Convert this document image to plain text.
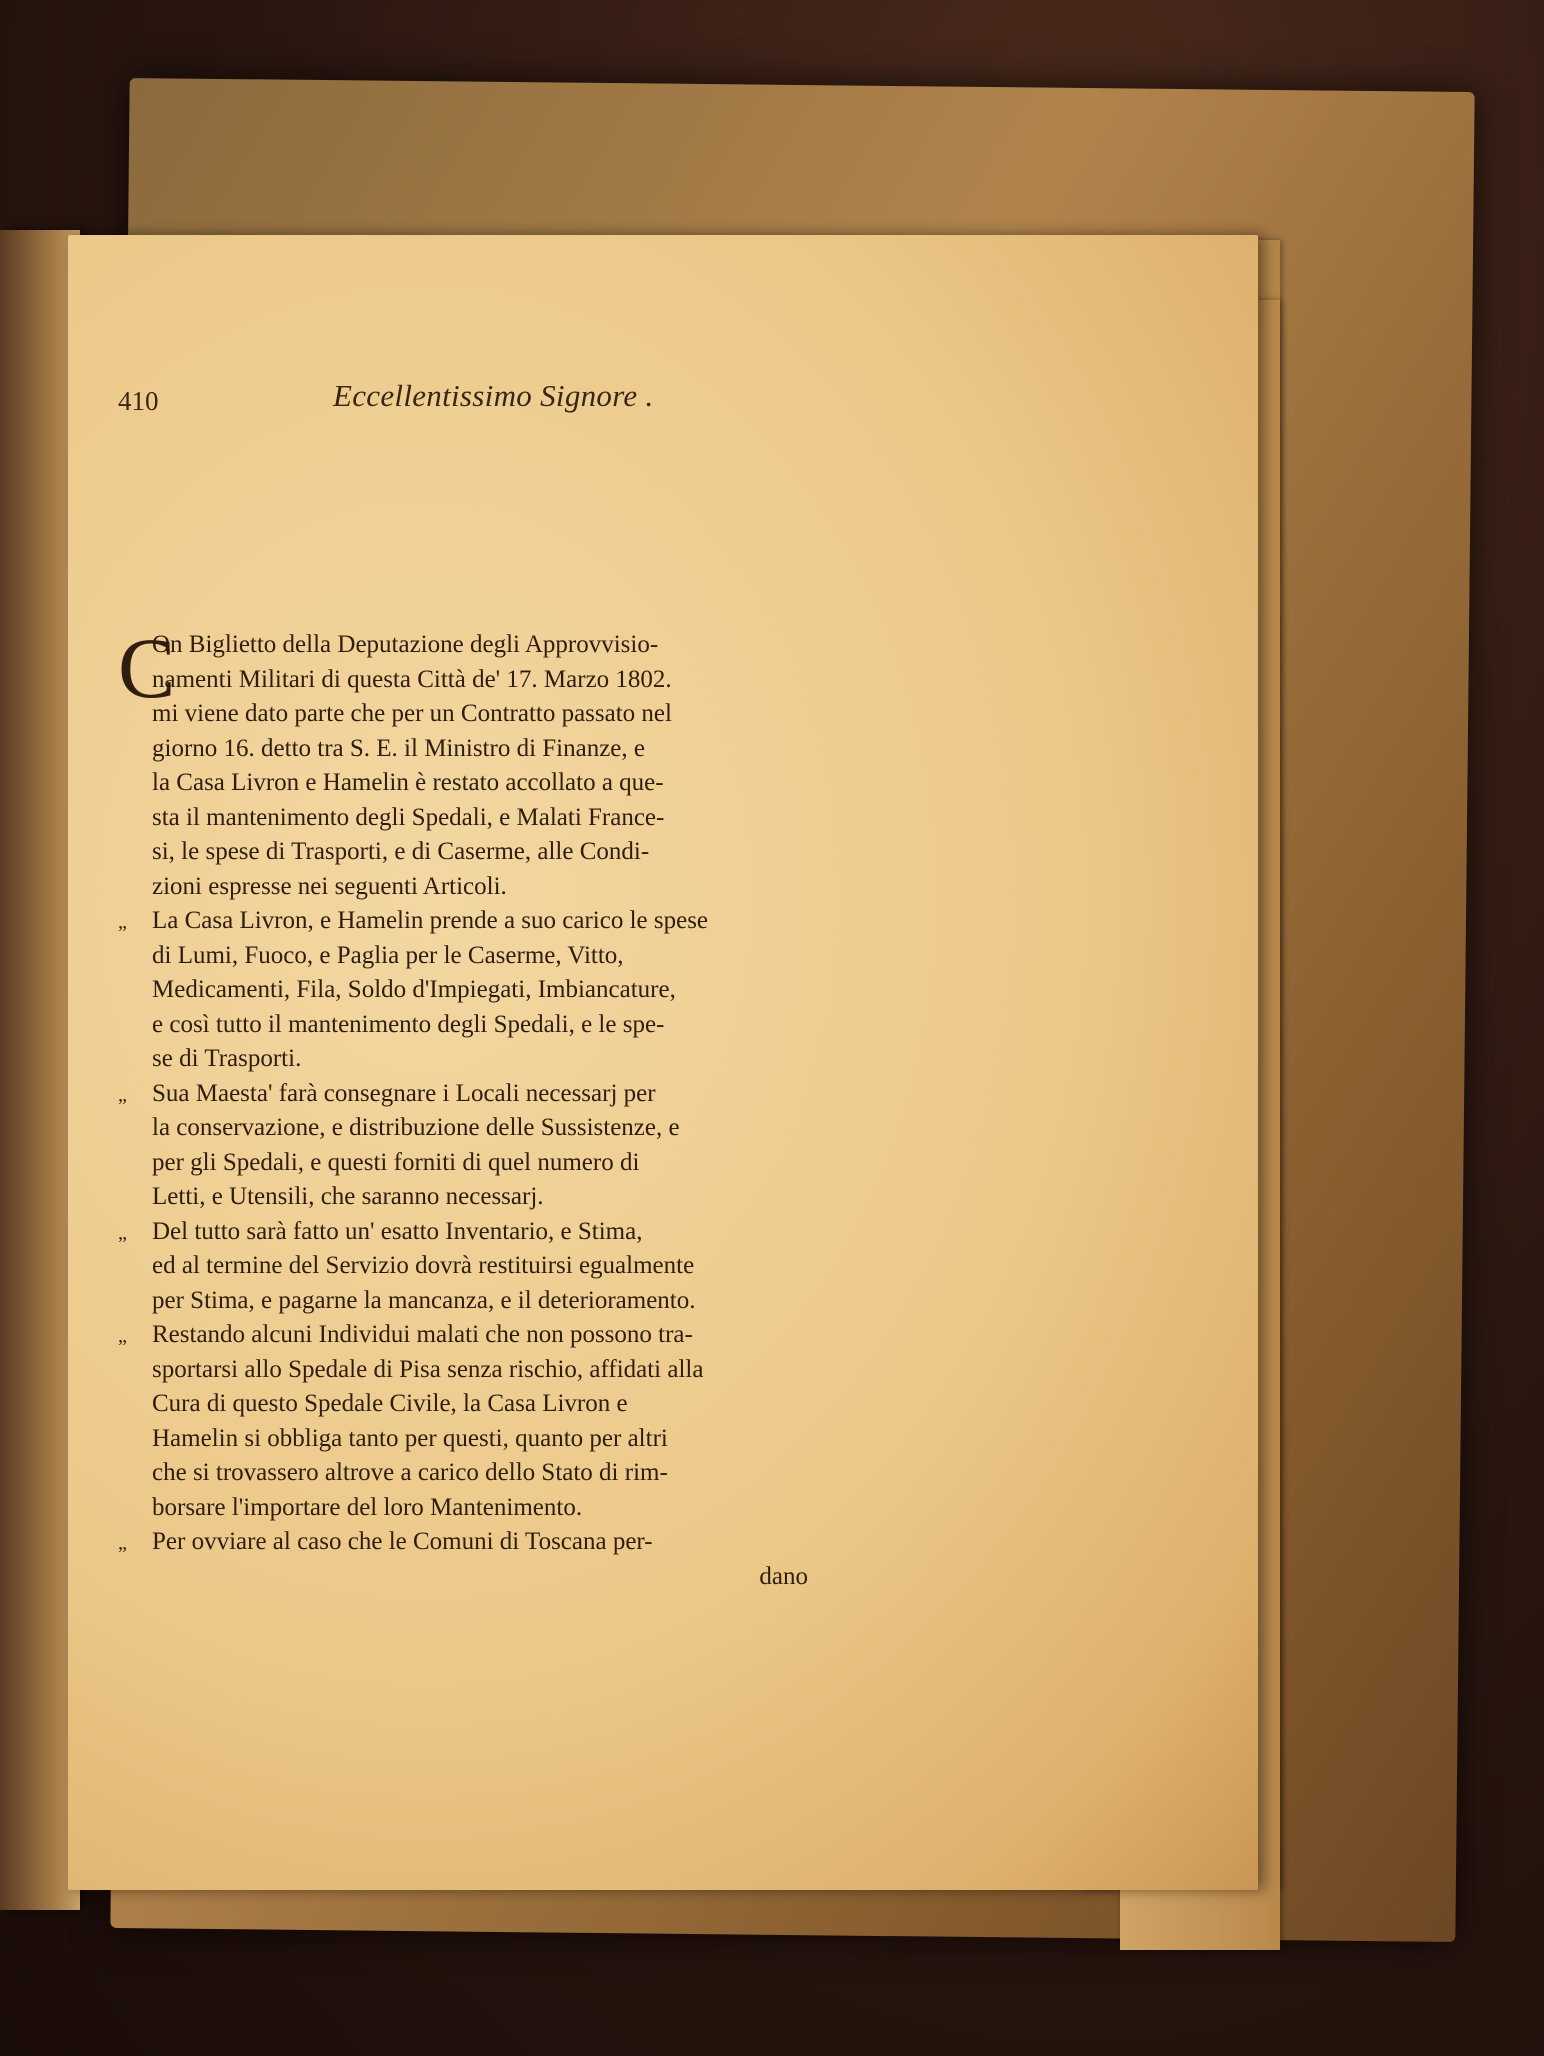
410	Eccellentissimo Signore .
C
On Biglietto della Deputazione degli Approvvisio-
namenti Militari di questa Città de' 17. Marzo 1802.
mi viene dato parte che per un Contratto passato nel
giorno 16. detto tra S. E. il Ministro di Finanze, e
la Casa Livron e Hamelin è restato accollato a que-
sta il mantenimento degli Spedali, e Malati France-
si, le spese di Trasporti, e di Caserme, alle Condi-
zioni espresse nei seguenti Articoli.
„ La Casa Livron, e Hamelin prende a suo carico le spese
di Lumi, Fuoco, e Paglia per le Caserme, Vitto,
Medicamenti, Fila, Soldo d'Impiegati, Imbiancature,
e così tutto il mantenimento degli Spedali, e le spe-
se di Trasporti.
„ Sua Maesta' farà consegnare i Locali necessarj per
la conservazione, e distribuzione delle Sussistenze, e
per gli Spedali, e questi forniti di quel numero di
Letti, e Utensili, che saranno necessarj.
„ Del tutto sarà fatto un' esatto Inventario, e Stima,
ed al termine del Servizio dovrà restituirsi egualmente
per Stima, e pagarne la mancanza, e il deterioramento.
„ Restando alcuni Individui malati che non possono tra-
sportarsi allo Spedale di Pisa senza rischio, affidati alla
Cura di questo Spedale Civile, la Casa Livron e
Hamelin si obbliga tanto per questi, quanto per altri
che si trovassero altrove a carico dello Stato di rim-
borsare l'importare del loro Mantenimento.
„ Per ovviare al caso che le Comuni di Toscana per-
dano
